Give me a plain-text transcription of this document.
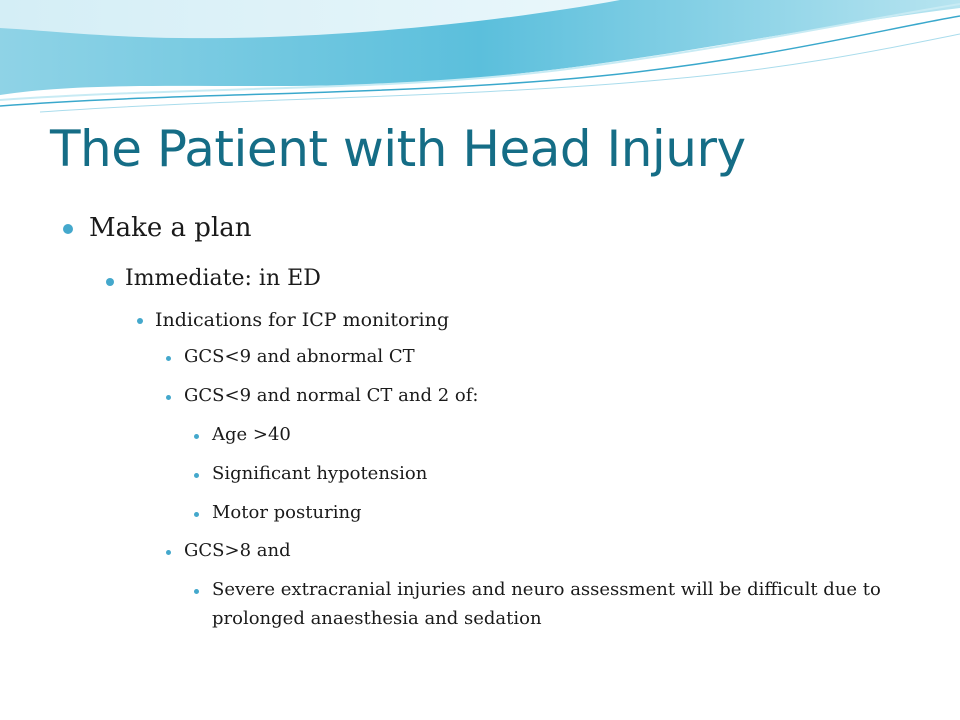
The Patient with Head Injury
Make a plan
Immediate: in ED
Indications for ICP monitoring
GCS<9 and abnormal CT
GCS<9 and normal CT and 2 of:
Age >40
Significant hypotension
Motor posturing
GCS>8 and
Severe extracranial injuries and neuro assessment will be difficult due to prolonged anaesthesia and sedation
